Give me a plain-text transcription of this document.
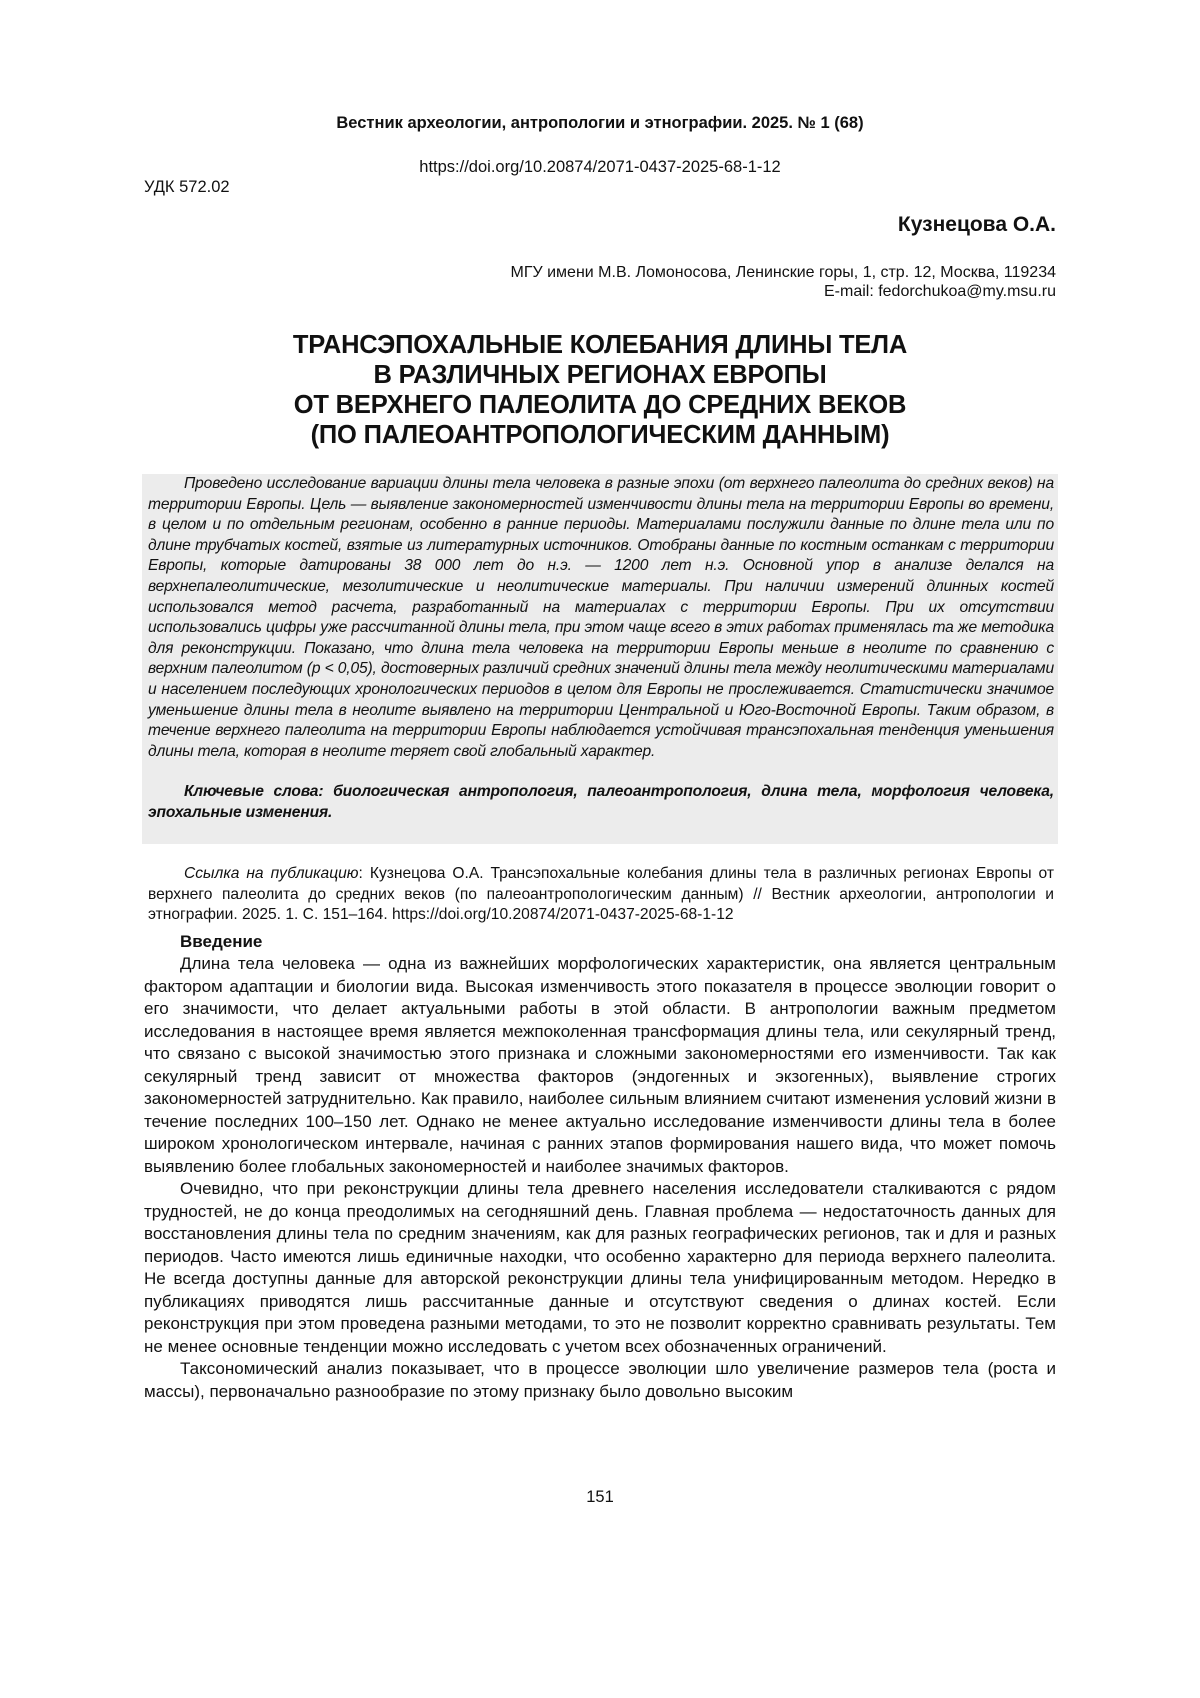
Вестник археологии, антропологии и этнографии. 2025. № 1 (68)
https://doi.org/10.20874/2071-0437-2025-68-1-12
УДК 572.02
Кузнецова О.А.
МГУ имени М.В. Ломоносова, Ленинские горы, 1, стр. 12, Москва, 119234
E-mail: fedorchukoa@my.msu.ru
ТРАНСЭПОХАЛЬНЫЕ КОЛЕБАНИЯ ДЛИНЫ ТЕЛА
В РАЗЛИЧНЫХ РЕГИОНАХ ЕВРОПЫ
ОТ ВЕРХНЕГО ПАЛЕОЛИТА ДО СРЕДНИХ ВЕКОВ
(ПО ПАЛЕОАНТРОПОЛОГИЧЕСКИМ ДАННЫМ)

Проведено исследование вариации длины тела человека в разные эпохи (от верхнего палеолита до средних веков) на территории Европы. Цель — выявление закономерностей изменчивости длины тела на территории Европы во времени, в целом и по отдельным регионам, особенно в ранние периоды. Материалами послужили данные по длине тела или по длине трубчатых костей, взятые из литературных источников. Отобраны данные по костным останкам с территории Европы, которые датированы 38 000 лет до н.э. — 1200 лет н.э. Основной упор в анализе делался на верхнепалеолитические, мезолитические и неолитические материалы. При наличии измерений длинных костей использовался метод расчета, разработанный на материалах с территории Европы. При их отсутствии использовались цифры уже рассчитанной длины тела, при этом чаще всего в этих работах применялась та же методика для реконструкции. Показано, что длина тела человека на территории Европы меньше в неолите по сравнению с верхним палеолитом (р < 0,05), достоверных различий средних значений длины тела между неолитическими материалами и населением последующих хронологических периодов в целом для Европы не прослеживается. Статистически значимое уменьшение длины тела в неолите выявлено на территории Центральной и Юго-Восточной Европы. Таким образом, в течение верхнего палеолита на территории Европы наблюдается устойчивая трансэпохальная тенденция уменьшения длины тела, которая в неолите теряет свой глобальный характер.

Ключевые слова: биологическая антропология, палеоантропология, длина тела, морфология человека, эпохальные изменения.

Ссылка на публикацию: Кузнецова О.А. Трансэпохальные колебания длины тела в различных регионах Европы от верхнего палеолита до средних веков (по палеоантропологическим данным) // Вестник археологии, антропологии и этнографии. 2025. 1. С. 151–164. https://doi.org/10.20874/2071-0437-2025-68-1-12

Введение

Длина тела человека — одна из важнейших морфологических характеристик, она является центральным фактором адаптации и биологии вида. Высокая изменчивость этого показателя в процессе эволюции говорит о его значимости, что делает актуальными работы в этой области. В антропологии важным предметом исследования в настоящее время является межпоколенная трансформация длины тела, или секулярный тренд, что связано с высокой значимостью этого признака и сложными закономерностями его изменчивости. Так как секулярный тренд зависит от множества факторов (эндогенных и экзогенных), выявление строгих закономерностей затруднительно. Как правило, наиболее сильным влиянием считают изменения условий жизни в течение последних 100–150 лет. Однако не менее актуально исследование изменчивости длины тела в более широком хронологическом интервале, начиная с ранних этапов формирования нашего вида, что может помочь выявлению более глобальных закономерностей и наиболее значимых факторов.

Очевидно, что при реконструкции длины тела древнего населения исследователи сталкиваются с рядом трудностей, не до конца преодолимых на сегодняшний день. Главная проблема — недостаточность данных для восстановления длины тела по средним значениям, как для разных географических регионов, так и для и разных периодов. Часто имеются лишь единичные находки, что особенно характерно для периода верхнего палеолита. Не всегда доступны данные для авторской реконструкции длины тела унифицированным методом. Нередко в публикациях приводятся лишь рассчитанные данные и отсутствуют сведения о длинах костей. Если реконструкция при этом проведена разными методами, то это не позволит корректно сравнивать результаты. Тем не менее основные тенденции можно исследовать с учетом всех обозначенных ограничений.

Таксономический анализ показывает, что в процессе эволюции шло увеличение размеров тела (роста и массы), первоначально разнообразие по этому признаку было довольно высоким

151
